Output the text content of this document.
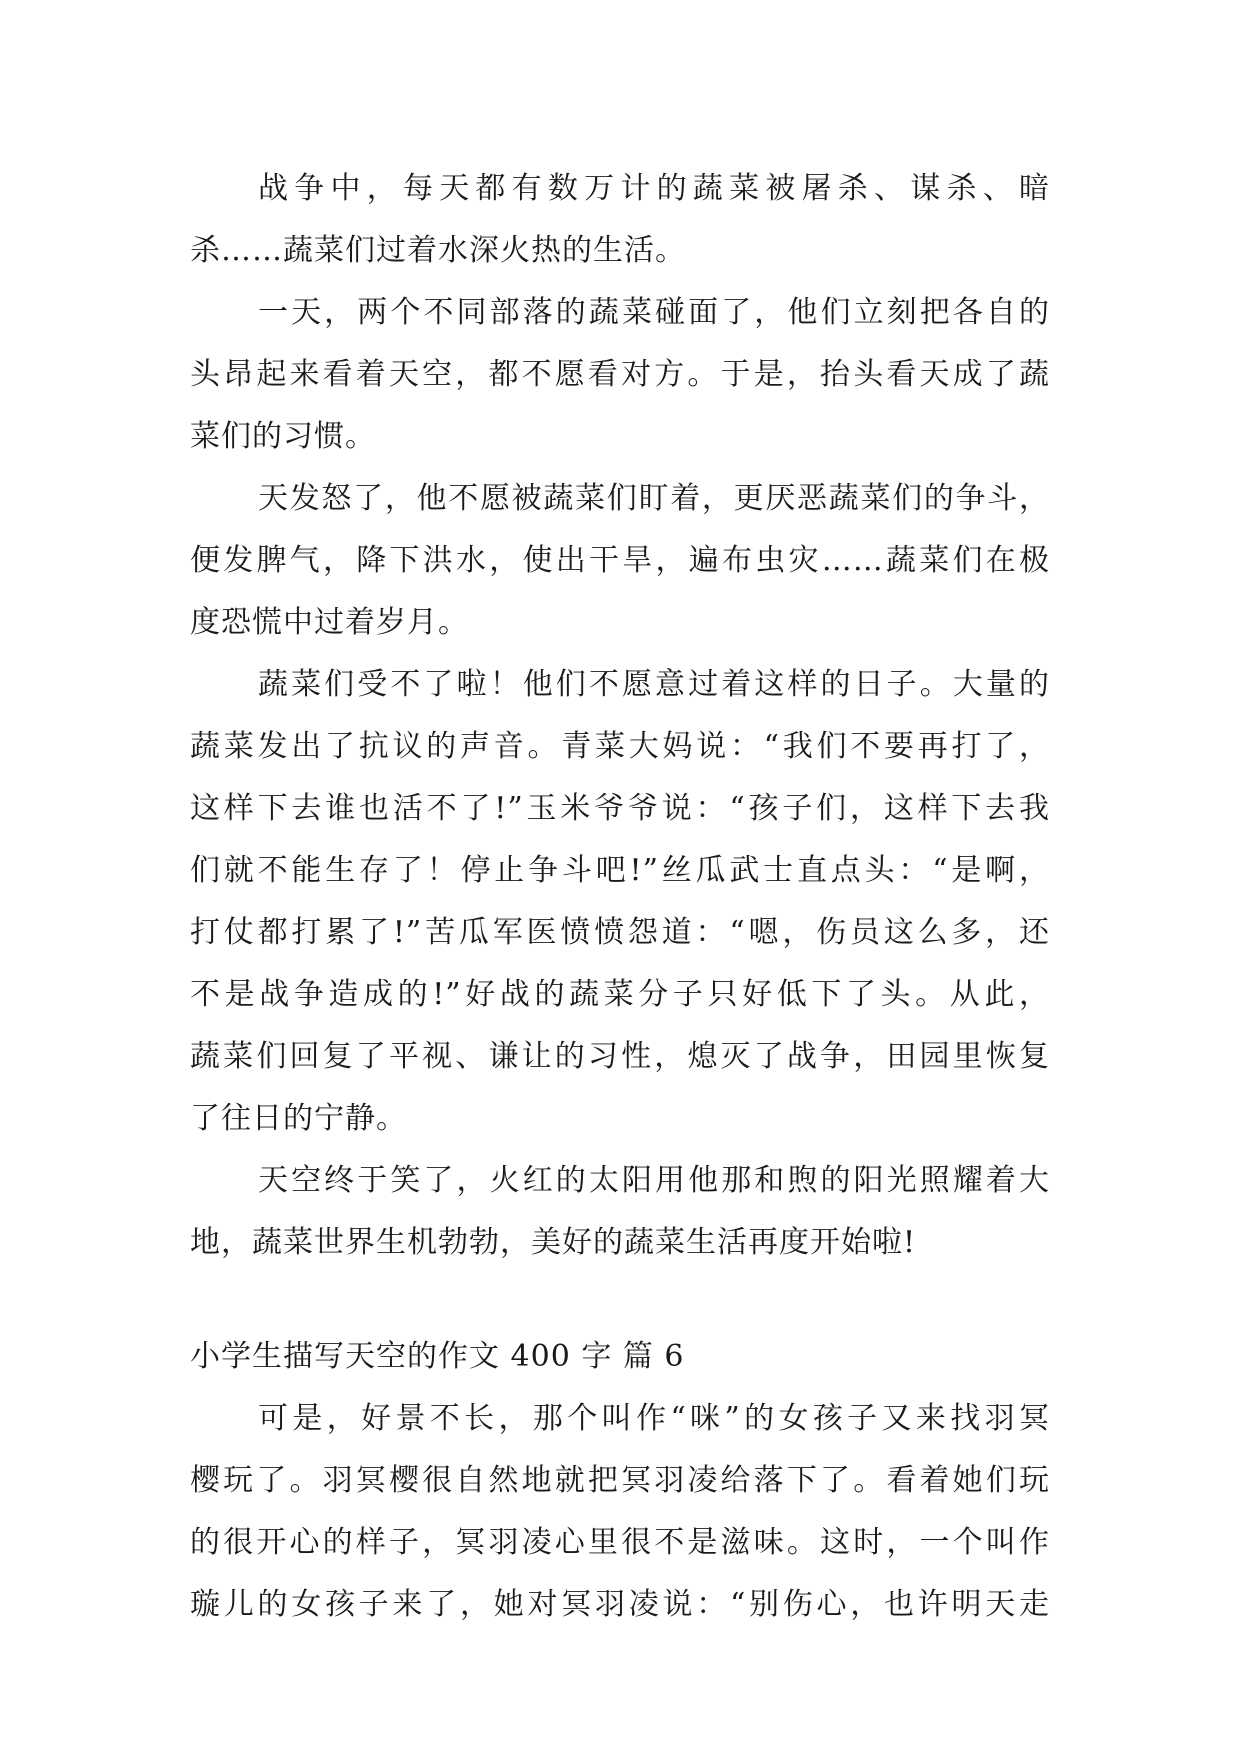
战争中，每天都有数万计的蔬菜被屠杀、谋杀、暗
杀……蔬菜们过着水深火热的生活。
一天，两个不同部落的蔬菜碰面了，他们立刻把各自的
头昂起来看着天空，都不愿看对方。于是，抬头看天成了蔬
菜们的习惯。
天发怒了，他不愿被蔬菜们盯着，更厌恶蔬菜们的争斗，
便发脾气，降下洪水，使出干旱，遍布虫灾……蔬菜们在极
度恐慌中过着岁月。
蔬菜们受不了啦！他们不愿意过着这样的日子。大量的
蔬菜发出了抗议的声音。青菜大妈说：“我们不要再打了，
这样下去谁也活不了!”玉米爷爷说：“孩子们，这样下去我
们就不能生存了！停止争斗吧!”丝瓜武士直点头：“是啊，
打仗都打累了!”苦瓜军医愤愤怨道：“嗯，伤员这么多，还
不是战争造成的!”好战的蔬菜分子只好低下了头。从此，
蔬菜们回复了平视、谦让的习性，熄灭了战争，田园里恢复
了往日的宁静。
天空终于笑了，火红的太阳用他那和煦的阳光照耀着大
地，蔬菜世界生机勃勃，美好的蔬菜生活再度开始啦!
小学生描写天空的作文 400 字 篇 6
可是，好景不长，那个叫作“咪”的女孩子又来找羽冥
樱玩了。羽冥樱很自然地就把冥羽凌给落下了。看着她们玩
的很开心的样子，冥羽凌心里很不是滋味。这时，一个叫作
璇儿的女孩子来了，她对冥羽凌说：“别伤心，也许明天走
